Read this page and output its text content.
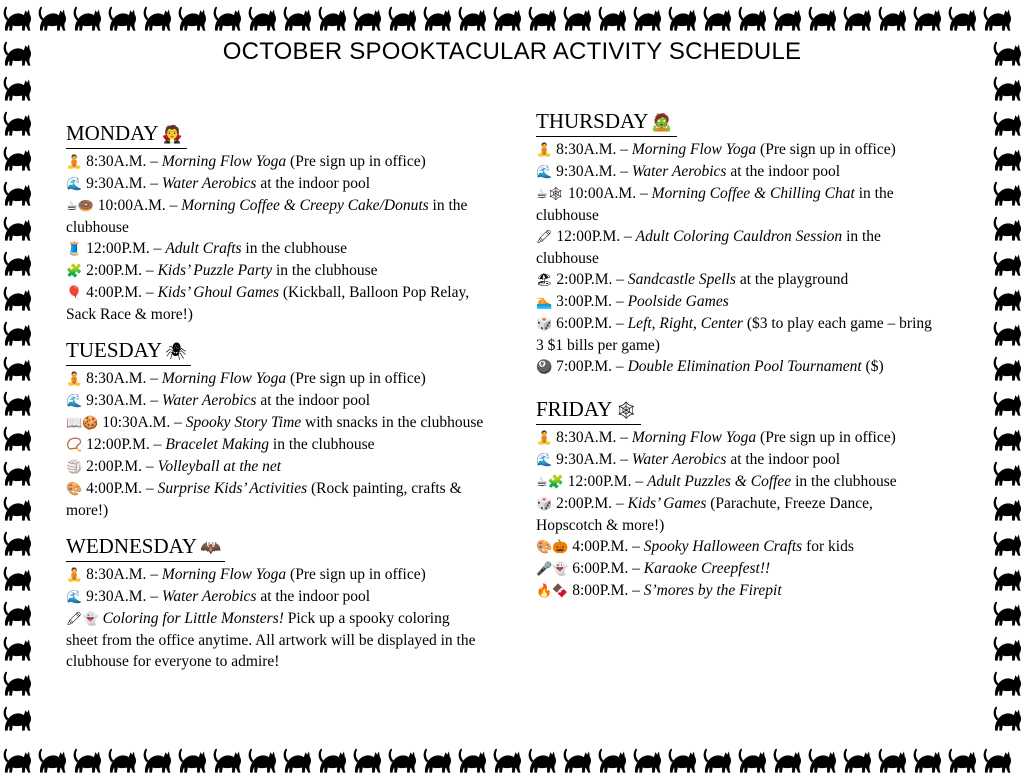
OCTOBER SPOOKTACULAR ACTIVITY SCHEDULE
MONDAY 🧛
🧘 8:30A.M. – Morning Flow Yoga (Pre sign up in office)
🌊 9:30A.M. – Water Aerobics at the indoor pool
☕🍩 10:00A.M. – Morning Coffee & Creepy Cake/Donuts in the clubhouse
🧵 12:00P.M. – Adult Crafts in the clubhouse
🧩 2:00P.M. – Kids’ Puzzle Party in the clubhouse
🎈 4:00P.M. – Kids’ Ghoul Games (Kickball, Balloon Pop Relay, Sack Race & more!)
TUESDAY 🕷
🧘 8:30A.M. – Morning Flow Yoga (Pre sign up in office)
🌊 9:30A.M. – Water Aerobics at the indoor pool
📖🍪 10:30A.M. – Spooky Story Time with snacks in the clubhouse
📿 12:00P.M. – Bracelet Making in the clubhouse
🏐 2:00P.M. – Volleyball at the net
🎨 4:00P.M. – Surprise Kids’ Activities (Rock painting, crafts & more!)
WEDNESDAY 🦇
🧘 8:30A.M. – Morning Flow Yoga (Pre sign up in office)
🌊 9:30A.M. – Water Aerobics at the indoor pool
🖍👻 Coloring for Little Monsters! Pick up a spooky coloring sheet from the office anytime. All artwork will be displayed in the clubhouse for everyone to admire!
THURSDAY 🧟
🧘 8:30A.M. – Morning Flow Yoga (Pre sign up in office)
🌊 9:30A.M. – Water Aerobics at the indoor pool
☕🕸 10:00A.M. – Morning Coffee & Chilling Chat in the clubhouse
🖍 12:00P.M. – Adult Coloring Cauldron Session in the clubhouse
🏖 2:00P.M. – Sandcastle Spells at the playground
🏊 3:00P.M. – Poolside Games
🎲 6:00P.M. – Left, Right, Center ($3 to play each game – bring 3 $1 bills per game)
🎱 7:00P.M. – Double Elimination Pool Tournament ($)
FRIDAY 🕸
🧘 8:30A.M. – Morning Flow Yoga (Pre sign up in office)
🌊 9:30A.M. – Water Aerobics at the indoor pool
☕🧩 12:00P.M. – Adult Puzzles & Coffee in the clubhouse
🎲 2:00P.M. – Kids’ Games (Parachute, Freeze Dance, Hopscotch & more!)
🎨🎃 4:00P.M. – Spooky Halloween Crafts for kids
🎤👻 6:00P.M. – Karaoke Creepfest!!
🔥🍫 8:00P.M. – S’mores by the Firepit
